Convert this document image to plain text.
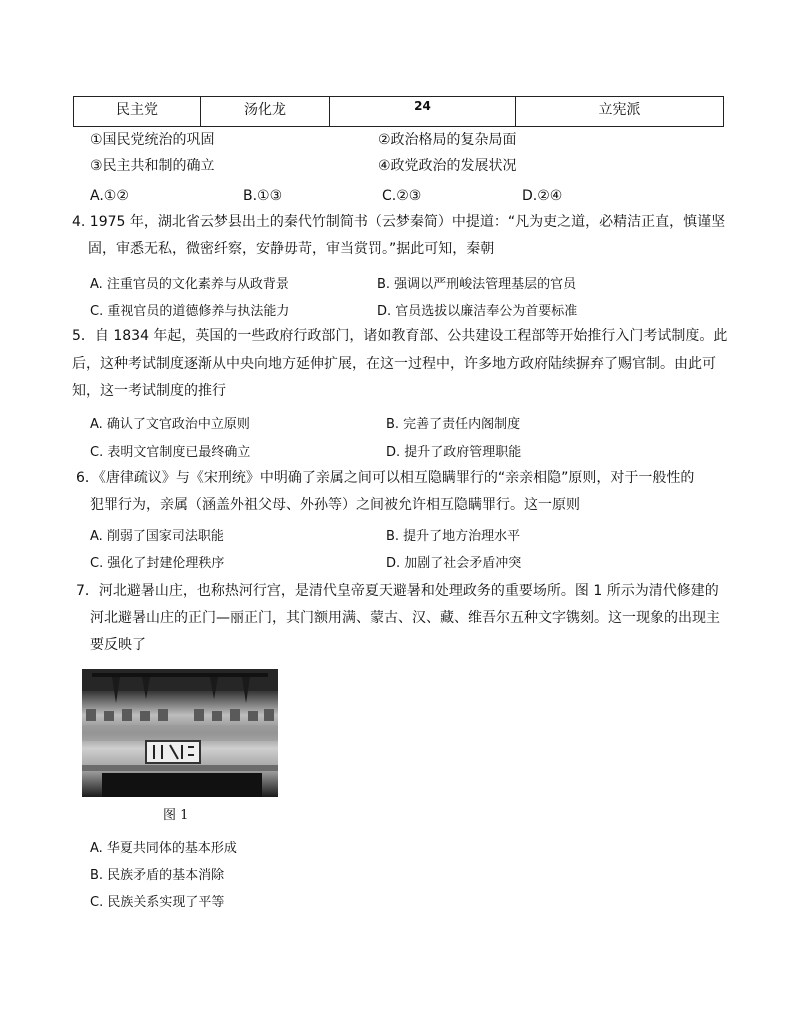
民主党	汤化龙	24	立宪派
①国民党统治的巩固	②政治格局的复杂局面
③民主共和制的确立	④政党政治的发展状况
A.①②	B.①③	C.②③	D.②④
4. 1975 年，湖北省云梦县出土的秦代竹制简书（云梦秦简）中提道：“凡为吏之道，必精洁正直，慎谨坚
固，审悉无私，微密纤察，安静毋苛，审当赏罚。”据此可知，秦朝
A. 注重官员的文化素养与从政背景	B. 强调以严刑峻法管理基层的官员
C. 重视官员的道德修养与执法能力	D. 官员选拔以廉洁奉公为首要标准
5．自 1834 年起，英国的一些政府行政部门，诸如教育部、公共建设工程部等开始推行入门考试制度。此
后，这种考试制度逐渐从中央向地方延伸扩展，在这一过程中，许多地方政府陆续摒弃了赐官制。由此可
知，这一考试制度的推行
A. 确认了文官政治中立原则	B. 完善了责任内阁制度
C. 表明文官制度已最终确立	D. 提升了政府管理职能
6．《唐律疏议》与《宋刑统》中明确了亲属之间可以相互隐瞒罪行的“亲亲相隐”原则，对于一般性的
犯罪行为，亲属（涵盖外祖父母、外孙等）之间被允许相互隐瞒罪行。这一原则
A. 削弱了国家司法职能	B. 提升了地方治理水平
C. 强化了封建伦理秩序	D. 加剧了社会矛盾冲突
7．河北避暑山庄，也称热河行宫，是清代皇帝夏天避暑和处理政务的重要场所。图 1 所示为清代修建的
河北避暑山庄的正门—丽正门，其门额用满、蒙古、汉、藏、维吾尔五种文字镌刻。这一现象的出现主
要反映了
图 1
A. 华夏共同体的基本形成
B. 民族矛盾的基本消除
C. 民族关系实现了平等
